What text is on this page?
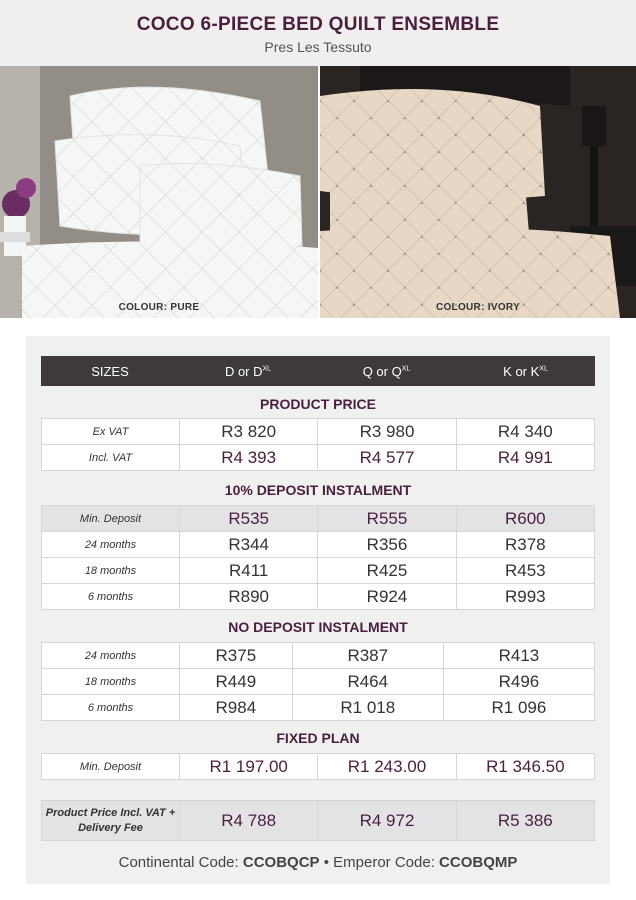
COCO 6-PIECE BED QUILT ENSEMBLE
Pres Les Tessuto
COLOUR: PURE	COLOUR: IVORY
SIZES	D or $D^{XL}$	Q or $Q^{XL}$	K or $K^{XL}$
PRODUCT PRICE
Ex VAT	R3 820	R3 980	R4 340
Incl. VAT	R4 393	R4 577	R4 991
10% DEPOSIT INSTALMENT
Min. Deposit	R535	R555	R600
24 months	R344	R356	R378
18 months	R411	R425	R453
6 months	R890	R924	R993
NO DEPOSIT INSTALMENT
24 months	R375	R387	R413
18 months	R449	R464	R496
6 months	R984	R1 018	R1 096
FIXED PLAN
Min. Deposit	R1 197.00	R1 243.00	R1 346.50
Product Price Incl. VAT + Delivery Fee	R4 788	R4 972	R5 386
Continental Code: CCOBQCP • Emperor Code: CCOBQMP
